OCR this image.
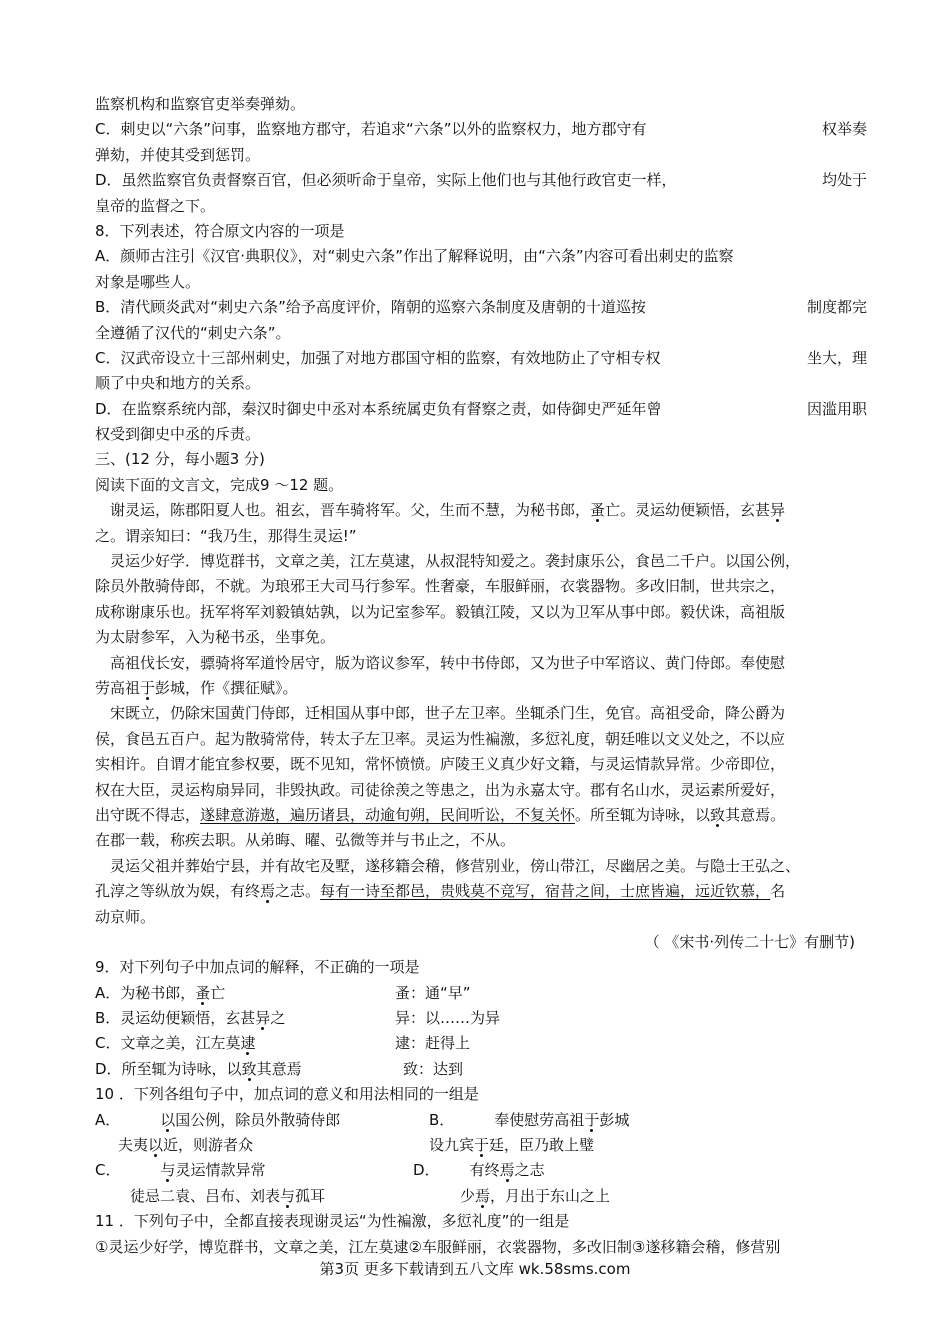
监察机构和监察官吏举奏弹劾。
C．刺史以“六条”问事，监察地方郡守，若追求“六条”以外的监察权力，地方郡守有	权举奏
弹劾，并使其受到惩罚。
D．虽然监察官负责督察百官，但必须听命于皇帝，实际上他们也与其他行政官吏一样，	均处于
皇帝的监督之下。
8．下列表述，符合原文内容的一项是
A．颜师古注引《汉官·典职仪》，对“刺史六条”作出了解释说明，由“六条”内容可看出刺史的监察
对象是哪些人。
B．清代顾炎武对“刺史六条”给予高度评价，隋朝的巡察六条制度及唐朝的十道巡按	制度都完
全遵循了汉代的“刺史六条”。
C．汉武帝设立十三部州刺史，加强了对地方郡国守相的监察，有效地防止了守相专权	坐大，理
顺了中央和地方的关系。
D．在监察系统内部，秦汉时御史中丞对本系统属吏负有督察之责，如侍御史严延年曾	因滥用职
权受到御史中丞的斥责。
三、(12 分，每小题3 分)
阅读下面的文言文，完成9 ～12 题。
谢灵运，陈郡阳夏人也。祖玄，晋车骑将军。父，生而不慧，为秘书郎，蚤亡。灵运幼便颖悟，玄甚异
之。谓亲知曰：“我乃生，那得生灵运!”
灵运少好学．博览群书，文章之美，江左莫逮，从叔混特知爱之。袭封康乐公，食邑二千户。以国公例，
除员外散骑侍郎，不就。为琅邪王大司马行参军。性奢豪，车服鲜丽，衣裳器物。多改旧制，世共宗之，
成称谢康乐也。抚军将军刘毅镇姑孰，以为记室参军。毅镇江陵，又以为卫军从事中郎。毅伏诛，高祖版
为太尉参军，入为秘书丞，坐事免。
高祖伐长安，骠骑将军道怜居守，版为谘议参军，转中书侍郎，又为世子中军谘议、黄门侍郎。奉使慰
劳高祖于彭城，作《撰征赋》。
宋既立，仍除宋国黄门侍郎，迁相国从事中郎，世子左卫率。坐辄杀门生，免官。高祖受命，降公爵为
侯，食邑五百户。起为散骑常侍，转太子左卫率。灵运为性褊激，多愆礼度，朝廷唯以文义处之，不以应
实相许。自谓才能宜参权要，既不见知，常怀愤愤。庐陵王义真少好文籍，与灵运情款异常。少帝即位，
权在大臣，灵运构扇异同，非毁执政。司徒徐羡之等患之，出为永嘉太守。郡有名山水，灵运素所爱好，
出守既不得志，遂肆意游遨，遍历诸县，动逾旬朔，民间听讼，不复关怀。所至辄为诗咏，以致其意焉。
在郡一载，称疾去职。从弟晦、曜、弘微等并与书止之，不从。
灵运父祖并葬始宁县，并有故宅及墅，遂移籍会稽，修营别业，傍山带江，尽幽居之美。与隐士王弘之、
孔淳之等纵放为娱，有终焉之志。每有一诗至都邑，贵贱莫不竞写，宿昔之间，士庶皆遍，远近钦慕，名
动京师。
（ 《宋书·列传二十七》有删节)
9．对下列句子中加点词的解释，不正确的一项是
A．为秘书郎，蚤亡	蚤：通“早”
B．灵运幼便颖悟，玄甚异之	异：以……为异
C．文章之美，江左莫逮	逮：赶得上
D．所至辄为诗咏，以致其意焉	致：达到
10 ．下列各组句子中，加点词的意义和用法相同的一组是
A．	以国公例，除员外散骑侍郎	B．	奉使慰劳高祖于彭城
夫夷以近，则游者众	设九宾于廷，臣乃敢上璧
C．	与灵运情款异常	D． 有终焉之志
徒忌二袁、吕布、刘表与孤耳	少焉，月出于东山之上
11 ．下列句子中，全都直接表现谢灵运“为性褊激，多愆礼度”的一组是
①灵运少好学，博览群书，文章之美，江左莫逮②车服鲜丽，衣裳器物，多改旧制③遂移籍会稽，修营别
第3页 更多下载请到五八文库 wk.58sms.com
